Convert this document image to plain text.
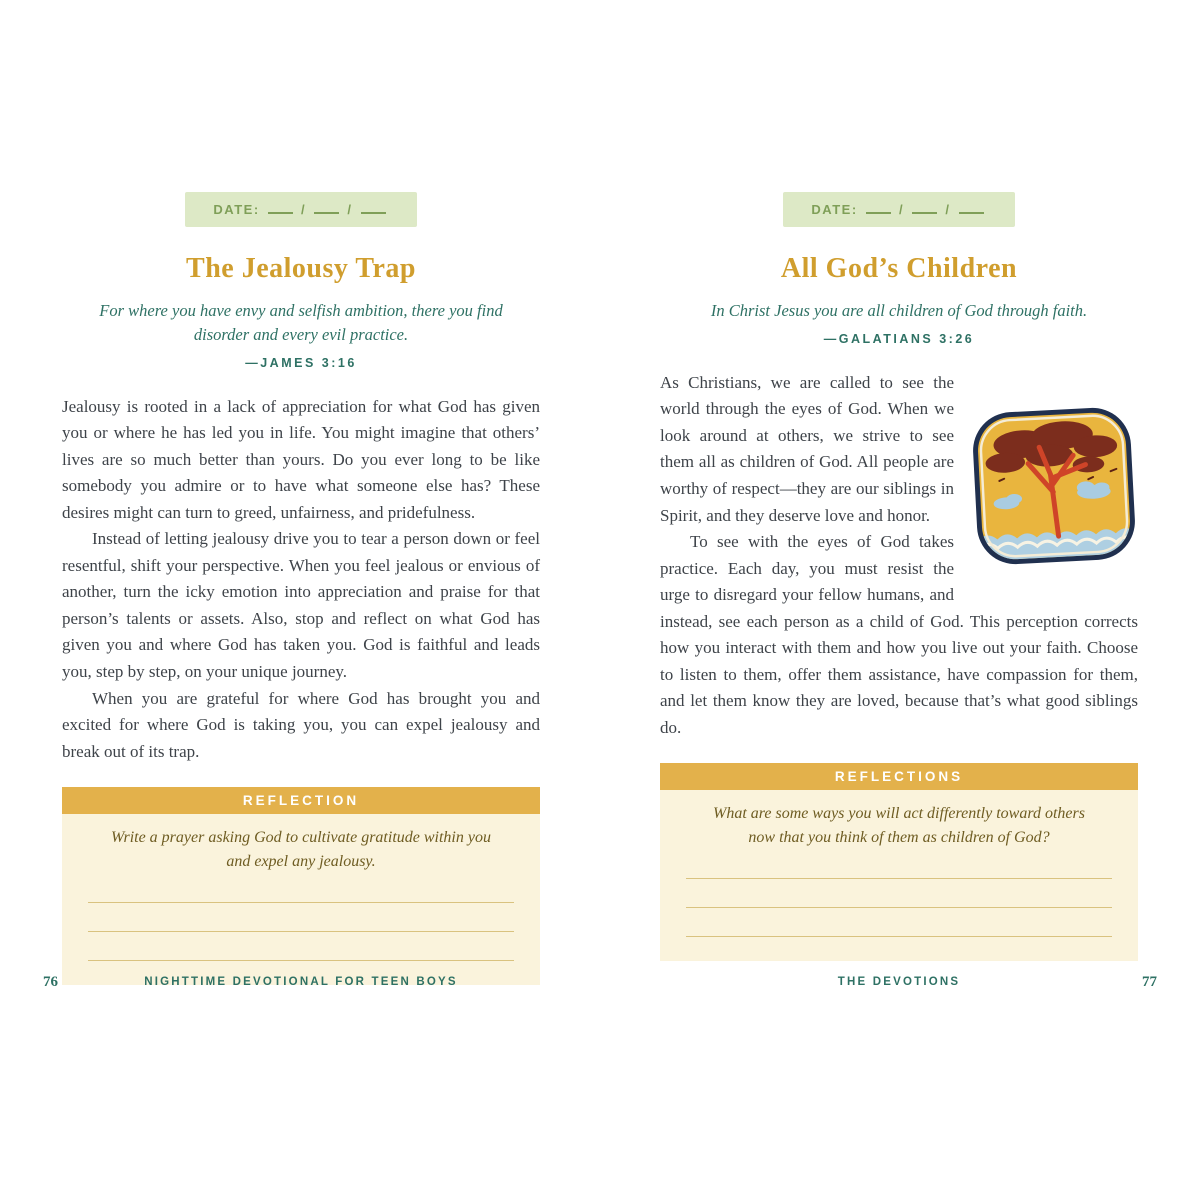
DATE:	/	/
The Jealousy Trap

For where you have envy and selfish ambition, there you find disorder and every evil practice.

—JAMES 3:16

Jealousy is rooted in a lack of appreciation for what God has given you or where he has led you in life. You might imagine that others’ lives are so much better than yours. Do you ever long to be like somebody you admire or to have what someone else has? These desires might can turn to greed, unfairness, and pridefulness.

Instead of letting jealousy drive you to tear a person down or feel resentful, shift your perspective. When you feel jealous or envious of another, turn the icky emotion into appreciation and praise for that person’s talents or assets. Also, stop and reflect on what God has given you and where God has taken you. God is faithful and leads you, step by step, on your unique journey.

When you are grateful for where God has brought you and excited for where God is taking you, you can expel jealousy and break out of its trap.

REFLECTION

Write a prayer asking God to cultivate gratitude within you and expel any jealousy.

76	NIGHTTIME DEVOTIONAL FOR TEEN BOYS
DATE:	/	/
All God’s Children

In Christ Jesus you are all children of God through faith.

—GALATIANS 3:26

As Christians, we are called to see the world through the eyes of God. When we look around at others, we strive to see them all as children of God. All people are worthy of respect—they are our siblings in Spirit, and they deserve love and honor.

To see with the eyes of God takes practice. Each day, you must resist the urge to disregard your fellow humans, and instead, see each person as a child of God. This perception corrects how you interact with them and how you live out your faith. Choose to listen to them, offer them assistance, have compassion for them, and let them know they are loved, because that’s what good siblings do.

REFLECTIONS

What are some ways you will act differently toward others now that you think of them as children of God?

THE DEVOTIONS	77
